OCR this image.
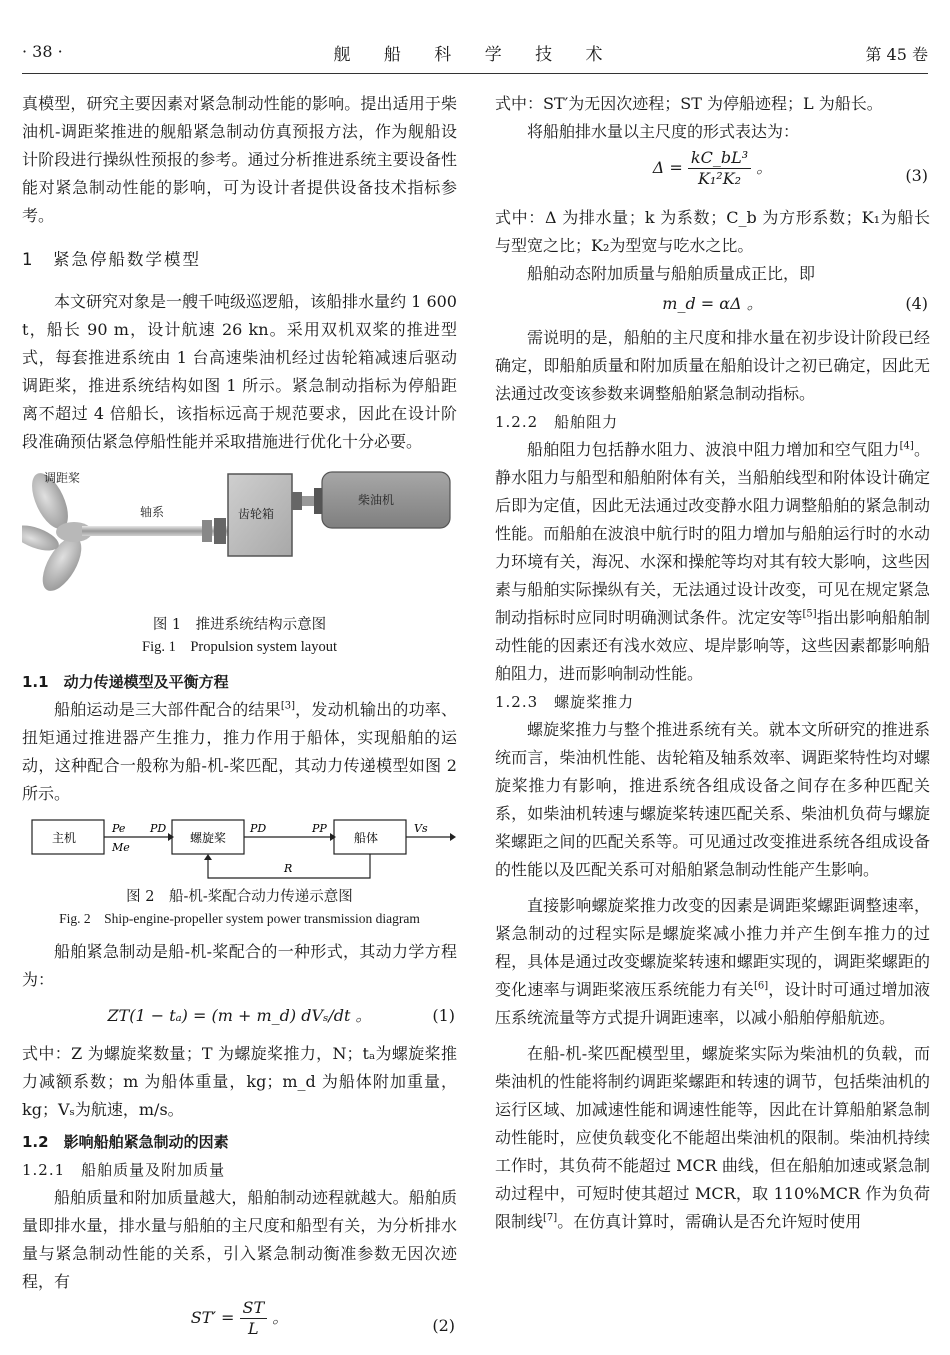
· 38 ·	舰 船 科 学 技 术	第 45 卷

真模型，研究主要因素对紧急制动性能的影响。提出适用于柴油机-调距桨推进的舰船紧急制动仿真预报方法，作为舰船设计阶段进行操纵性预报的参考。通过分析推进系统主要设备性能对紧急制动性能的影响，可为设计者提供设备技术指标参考。

1　紧急停船数学模型

本文研究对象是一艘千吨级巡逻船，该船排水量约 1 600 t，船长 90 m，设计航速 26 kn。采用双机双桨的推进型式，每套推进系统由 1 台高速柴油机经过齿轮箱减速后驱动调距桨，推进系统结构如图 1 所示。紧急制动指标为停船距离不超过 4 倍船长，该指标远高于规范要求，因此在设计阶段准确预估紧急停船性能并采取措施进行优化十分必要。

调距桨
轴系	齿轮箱
柴油机
图 1　推进系统结构示意图
Fig. 1　Propulsion system layout
1.1　动力传递模型及平衡方程

船舶运动是三大部件配合的结果[3]，发动机输出的功率、扭矩通过推进器产生推力，推力作用于船体，实现船舶的运动，这种配合一般称为船-机-桨匹配，其动力传递模型如图 2 所示。

主机	螺旋桨	船体
Pe
Me
PD	PD	PP	Vs
R
图 2　船-机-桨配合动力传递示意图
Fig. 2　Ship-engine-propeller system power transmission diagram

船舶紧急制动是船-机-桨配合的一种形式，其动力学方程为：

ZT(1 − tₐ) = (m + m_d) dVₛ/dt 。	(1)

式中：Z 为螺旋桨数量；T 为螺旋桨推力，N；tₐ为螺旋桨推力减额系数；m 为船体重量，kg；m_d 为船体附加重量，kg；Vₛ为航速，m/s。

1.2　影响船舶紧急制动的因素
1.2.1　船舶质量及附加质量

船舶质量和附加质量越大，船舶制动迹程就越大。船舶质量即排水量，排水量与船舶的主尺度和船型有关，为分析排水量与紧急制动性能的关系，引入紧急制动衡准参数无因次迹程，有

$ST' = \frac{ST}{L}$ 。	(2)

式中：ST′为无因次迹程；ST 为停船迹程；L 为船长。

将船舶排水量以主尺度的形式表达为：

$\Delta = \frac{\text{kC\_bL³}}{\text{K₁²K₂}}$ 。	(3)

式中：Δ 为排水量；k 为系数；C_b 为方形系数；K₁为船长与型宽之比；K₂为型宽与吃水之比。

船舶动态附加质量与船舶质量成正比，即

m_d = αΔ 。	(4)

需说明的是，船舶的主尺度和排水量在初步设计阶段已经确定，即船舶质量和附加质量在船舶设计之初已确定，因此无法通过改变该参数来调整船舶紧急制动指标。

1.2.2　船舶阻力

船舶阻力包括静水阻力、波浪中阻力增加和空气阻力[4]。静水阻力与船型和船舶附体有关，当船舶线型和附体设计确定后即为定值，因此无法通过改变静水阻力调整船舶的紧急制动性能。而船舶在波浪中航行时的阻力增加与船舶运行时的水动力环境有关，海况、水深和操舵等均对其有较大影响，这些因素与船舶实际操纵有关，无法通过设计改变，可见在规定紧急制动指标时应同时明确测试条件。沈定安等[5]指出影响船舶制动性能的因素还有浅水效应、堤岸影响等，这些因素都影响船舶阻力，进而影响制动性能。

1.2.3　螺旋桨推力

螺旋桨推力与整个推进系统有关。就本文所研究的推进系统而言，柴油机性能、齿轮箱及轴系效率、调距桨特性均对螺旋桨推力有影响，推进系统各组成设备之间存在多种匹配关系，如柴油机转速与螺旋桨转速匹配关系、柴油机负荷与螺旋桨螺距之间的匹配关系等。可见通过改变推进系统各组成设备的性能以及匹配关系可对船舶紧急制动性能产生影响。

直接影响螺旋桨推力改变的因素是调距桨螺距调整速率，紧急制动的过程实际是螺旋桨减小推力并产生倒车推力的过程，具体是通过改变螺旋桨转速和螺距实现的，调距桨螺距的变化速率与调距桨液压系统能力有关[6]，设计时可通过增加液压系统流量等方式提升调距速率，以减小船舶停船航迹。

在船-机-桨匹配模型里，螺旋桨实际为柴油机的负载，而柴油机的性能将制约调距桨螺距和转速的调节，包括柴油机的运行区域、加减速性能和调速性能等，因此在计算船舶紧急制动性能时，应使负载变化不能超出柴油机的限制。柴油机持续工作时，其负荷不能超过 MCR 曲线，但在船舶加速或紧急制动过程中，可短时使其超过 MCR，取 110%MCR 作为负荷限制线[7]。在仿真计算时，需确认是否允许短时使用
